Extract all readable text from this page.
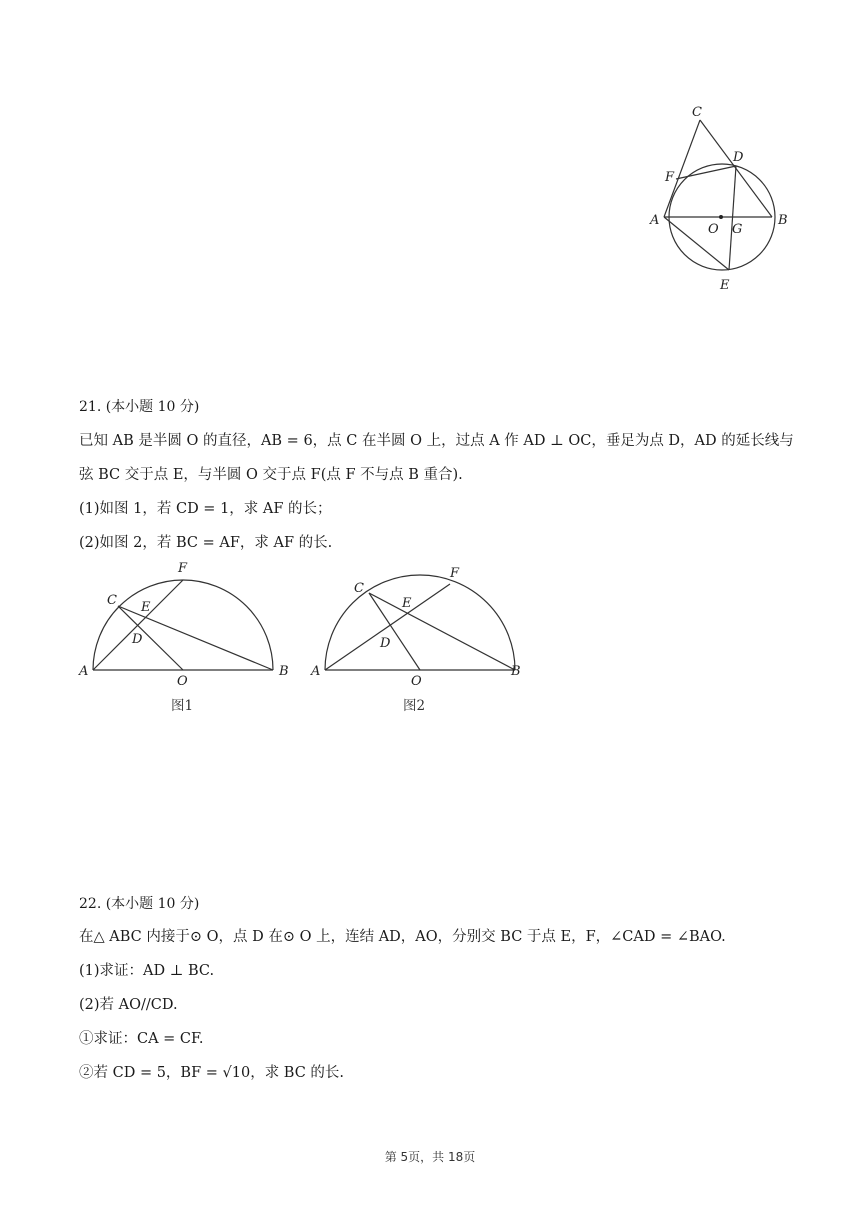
C
D
F
A
O G
B
E
21. (本小题 10 分)
已知 AB 是半圆 O 的直径，AB = 6，点 C 在半圆 O 上，过点 A 作 AD ⊥ OC，垂足为点 D，AD 的延长线与
弦 BC 交于点 E，与半圆 O 交于点 F(点 F 不与点 B 重合).
(1)如图 1，若 CD = 1，求 AF 的长；
(2)如图 2，若 BC = AF，求 AF 的长.
F
C E
D
A
O
B
图1
F
C
E
D
A
O
B
图2
22. (本小题 10 分)
在△ ABC 内接于⊙ O，点 D 在⊙ O 上，连结 AD，AO，分别交 BC 于点 E，F，∠CAD = ∠BAO.
(1)求证：AD ⊥ BC.
(2)若 AO//CD.
①求证：CA = CF.
②若 CD = 5，BF = √10，求 BC 的长.
第 5页，共 18页
